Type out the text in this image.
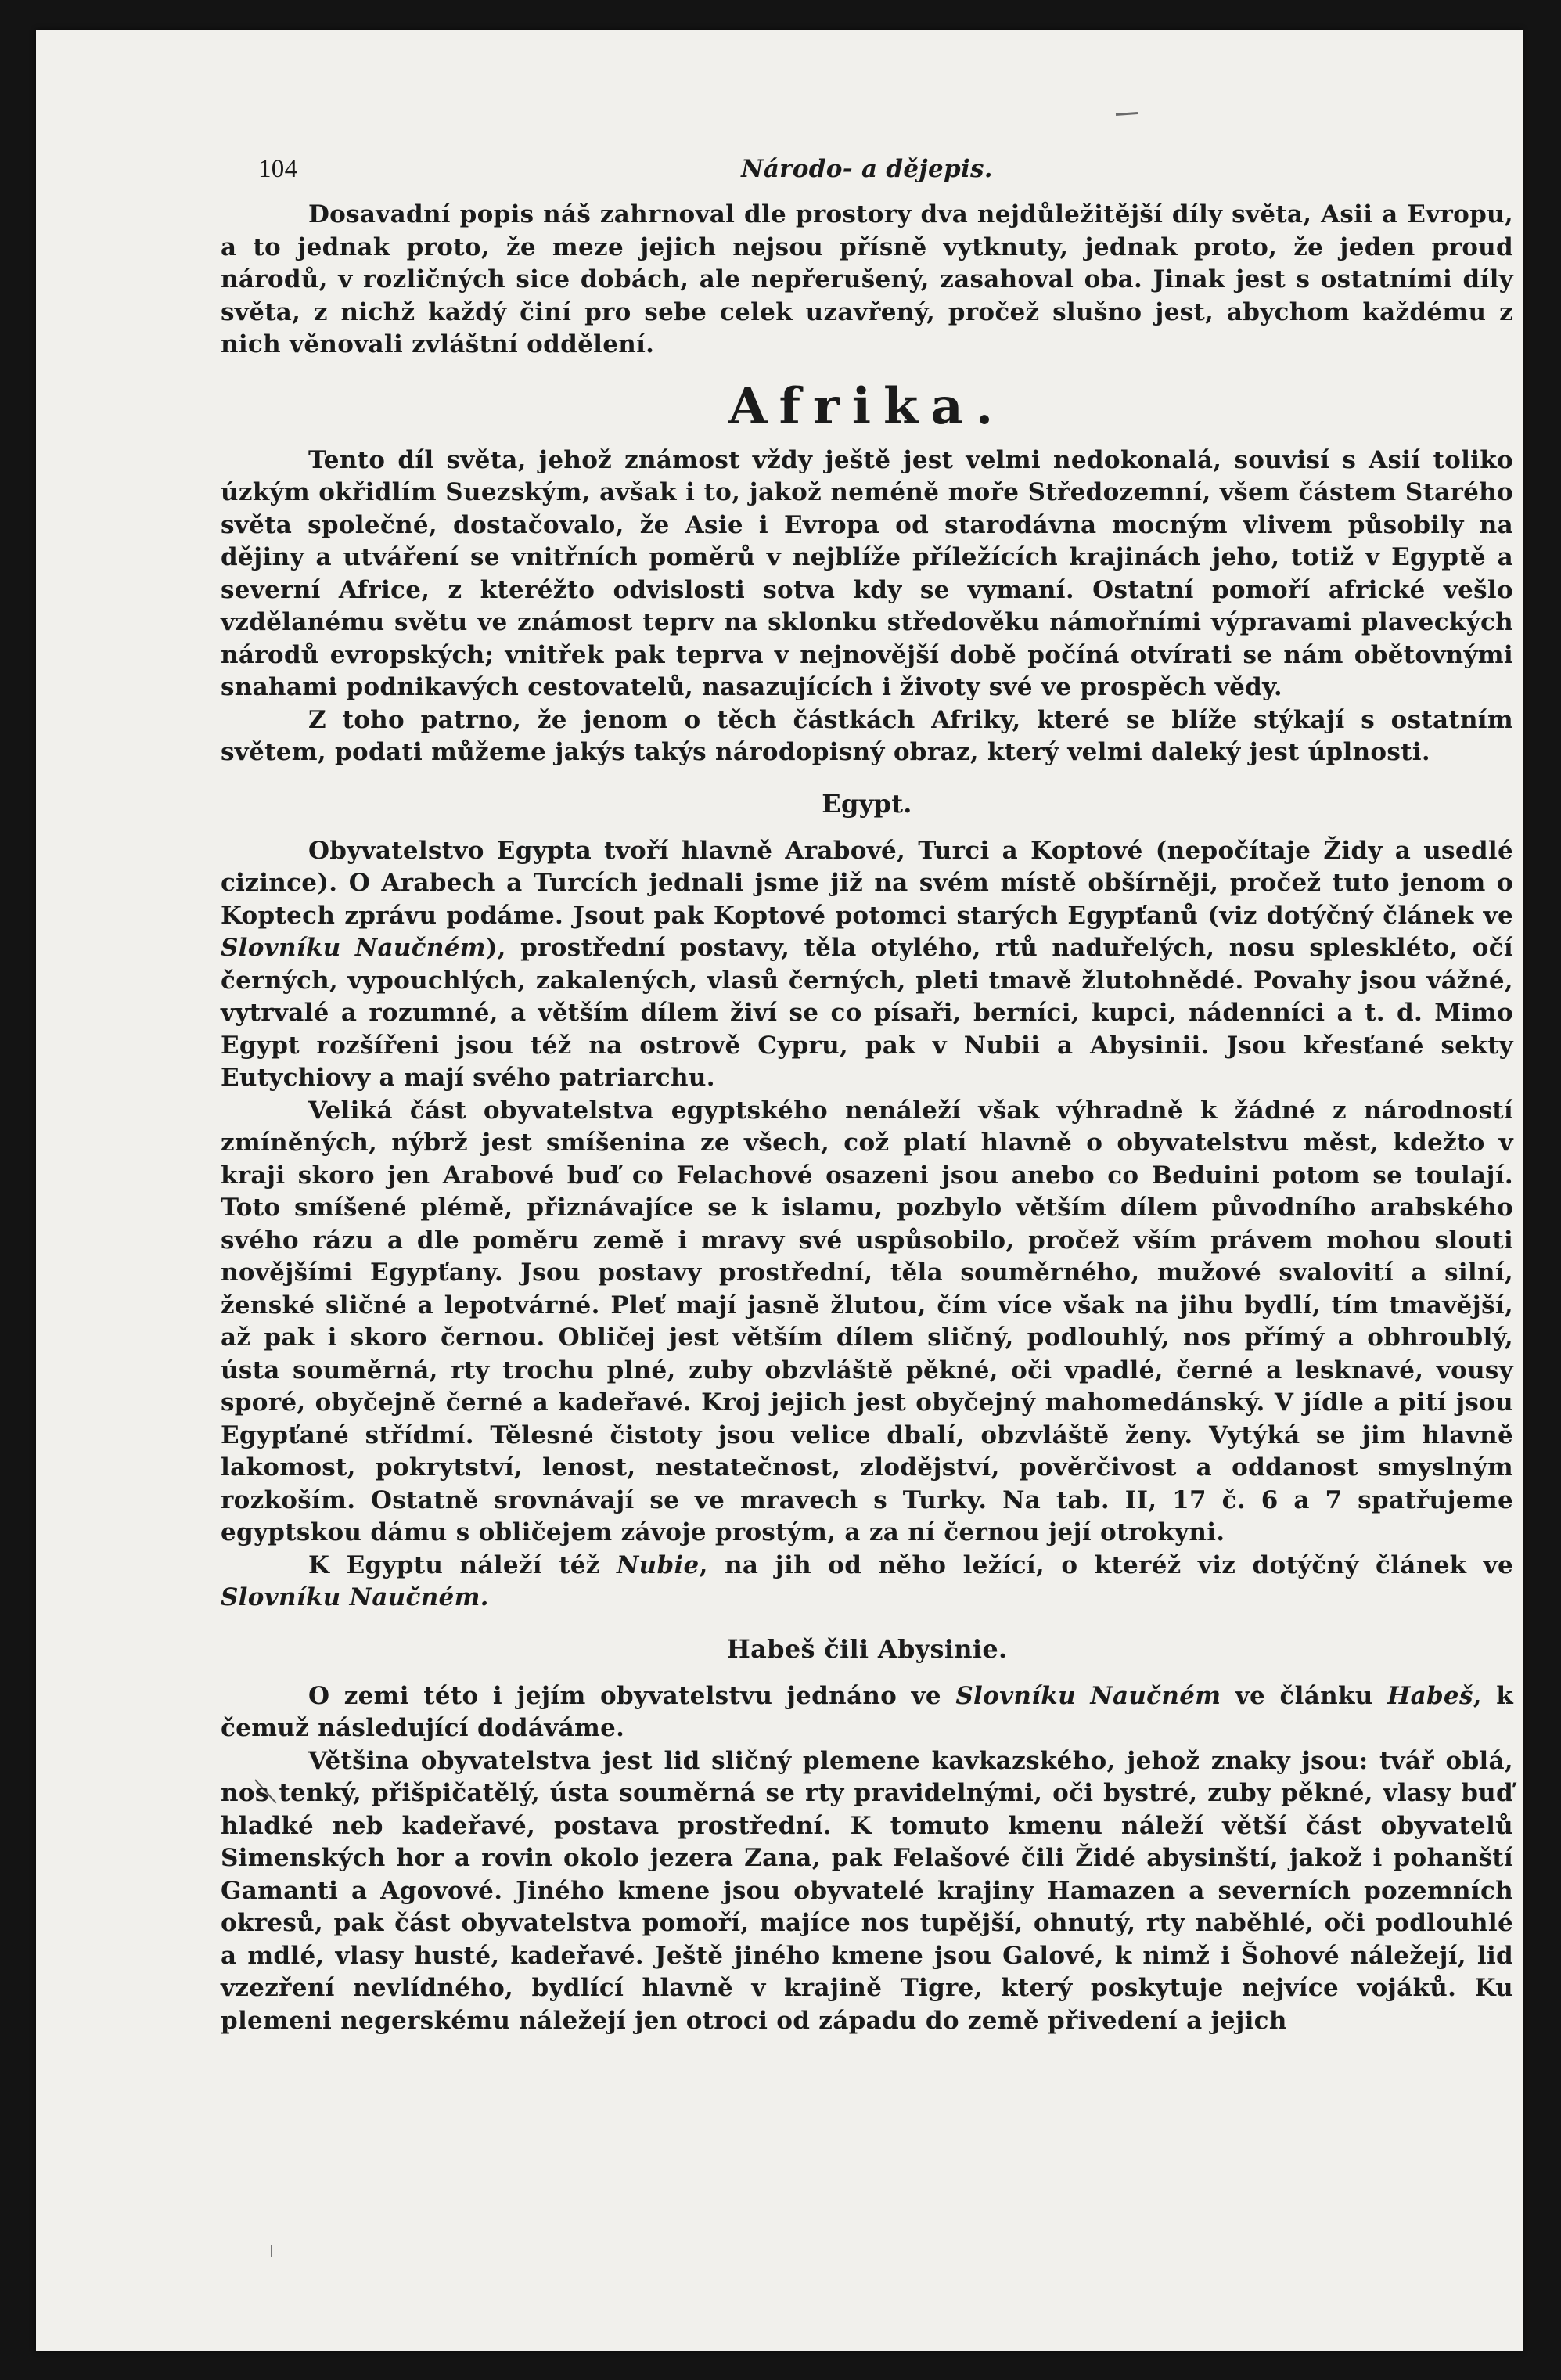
104	Národo- a dějepis.

Dosavadní popis náš zahrnoval dle prostory dva nejdůležitější díly světa, Asii a Evropu, a to jednak proto, že meze jejich nejsou přísně vytknuty, jednak proto, že jeden proud národů, v rozličných sice dobách, ale nepřerušený, zasahoval oba. Jinak jest s ostatními díly světa, z nichž každý činí pro sebe celek uzavřený, pročež slušno jest, abychom každému z nich věnovali zvláštní oddělení.

Afrika.

Tento díl světa, jehož známost vždy ještě jest velmi nedokonalá, souvisí s Asií toliko úzkým okřidlím Suezským, avšak i to, jakož neméně moře Středozemní, všem částem Starého světa společné, dostačovalo, že Asie i Evropa od starodávna mocným vlivem působily na dějiny a utváření se vnitřních poměrů v nejblíže příležících krajinách jeho, totiž v Egyptě a severní Africe, z kteréžto odvislosti sotva kdy se vymaní. Ostatní pomoří africké vešlo vzdělanému světu ve známost teprv na sklonku středověku námořními výpravami plaveckých národů evropských; vnitřek pak teprva v nejnovější době počíná otvírati se nám obětovnými snahami podnikavých cestovatelů, nasazujících i životy své ve prospěch vědy.

Z toho patrno, že jenom o těch částkách Afriky, které se blíže stýkají s ostatním světem, podati můžeme jakýs takýs národopisný obraz, který velmi daleký jest úplnosti.

Egypt.

Obyvatelstvo Egypta tvoří hlavně Arabové, Turci a Koptové (nepočítaje Židy a usedlé cizince). O Arabech a Turcích jednali jsme již na svém místě obšírněji, pročež tuto jenom o Koptech zprávu podáme. Jsout pak Koptové potomci starých Egypťanů (viz dotýčný článek ve Slovníku Naučném), prostřední postavy, těla otylého, rtů naduřelých, nosu spleskléto, očí černých, vypouchlých, zakalených, vlasů černých, pleti tmavě žlutohnědé. Povahy jsou vážné, vytrvalé a rozumné, a větším dílem živí se co písaři, berníci, kupci, nádenníci a t. d. Mimo Egypt rozšířeni jsou též na ostrově Cypru, pak v Nubii a Abysinii. Jsou křesťané sekty Eutychiovy a mají svého patriarchu.

Veliká část obyvatelstva egyptského nenáleží však výhradně k žádné z národností zmíněných, nýbrž jest smíšenina ze všech, což platí hlavně o obyvatelstvu měst, kdežto v kraji skoro jen Arabové buď co Felachové osazeni jsou anebo co Beduini potom se toulají. Toto smíšené plémě, přiznávajíce se k islamu, pozbylo větším dílem původního arabského svého rázu a dle poměru země i mravy své uspůsobilo, pročež vším právem mohou slouti novějšími Egypťany. Jsou postavy prostřední, těla souměrného, mužové svalovití a silní, ženské sličné a lepotvárné. Pleť mají jasně žlutou, čím více však na jihu bydlí, tím tmavější, až pak i skoro černou. Obličej jest větším dílem sličný, podlouhlý, nos přímý a obhroublý, ústa souměrná, rty trochu plné, zuby obzvláště pěkné, oči vpadlé, černé a lesknavé, vousy sporé, obyčejně černé a kadeřavé. Kroj jejich jest obyčejný mahomedánský. V jídle a pití jsou Egypťané střídmí. Tělesné čistoty jsou velice dbalí, obzvláště ženy. Vytýká se jim hlavně lakomost, pokrytství, lenost, nestatečnost, zlodějství, pověrčivost a oddanost smyslným rozkoším. Ostatně srovnávají se ve mravech s Turky. Na tab. II, 17 č. 6 a 7 spatřujeme egyptskou dámu s obličejem závoje prostým, a za ní černou její otrokyni.

K Egyptu náleží též Nubie, na jih od něho ležící, o kteréž viz dotýčný článek ve Slovníku Naučném.

Habeš čili Abysinie.

O zemi této i jejím obyvatelstvu jednáno ve Slovníku Naučném ve článku Habeš, k čemuž následující dodáváme.

Většina obyvatelstva jest lid sličný plemene kavkazského, jehož znaky jsou: tvář oblá, nos tenký, přišpičatělý, ústa souměrná se rty pravidelnými, oči bystré, zuby pěkné, vlasy buď hladké neb kadeřavé, postava prostřední. K tomuto kmenu náleží větší část obyvatelů Simenských hor a rovin okolo jezera Zana, pak Felašové čili Židé abysinští, jakož i pohanští Gamanti a Agovové. Jiného kmene jsou obyvatelé krajiny Hamazen a severních pozemních okresů, pak část obyvatelstva pomoří, majíce nos tupější, ohnutý, rty naběhlé, oči podlouhlé a mdlé, vlasy husté, kadeřavé. Ještě jiného kmene jsou Galové, k nimž i Šohové náležejí, lid vzezření nevlídného, bydlící hlavně v krajině Tigre, který poskytuje nejvíce vojáků. Ku plemeni negerskému náležejí jen otroci od západu do země přivedení a jejich
